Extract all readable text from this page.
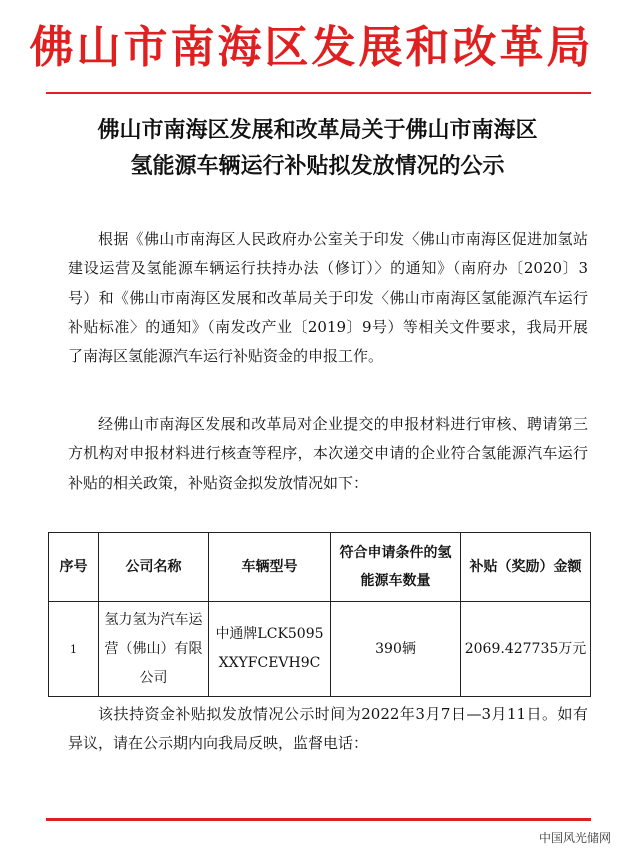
佛山市南海区发展和改革局
佛山市南海区发展和改革局关于佛山市南海区
氢能源车辆运行补贴拟发放情况的公示

根据《佛山市南海区人民政府办公室关于印发〈佛山市南海区促进加氢站建设运营及氢能源车辆运行扶持办法（修订）〉的通知》（南府办〔2020〕3号）和《佛山市南海区发展和改革局关于印发〈佛山市南海区氢能源汽车运行补贴标准〉的通知》（南发改产业〔2019〕9号）等相关文件要求，我局开展了南海区氢能源汽车运行补贴资金的申报工作。

经佛山市南海区发展和改革局对企业提交的申报材料进行审核、聘请第三方机构对申报材料进行核查等程序，本次递交申请的企业符合氢能源汽车运行补贴的相关政策，补贴资金拟发放情况如下：

序号	公司名称	车辆型号	符合申请条件的氢能源车数量	补贴（奖励）金额
1	氢力氢为汽车运营（佛山）有限公司	中通牌LCK5095XXYFCEVH9C	390辆	2069.427735万元

该扶持资金补贴拟发放情况公示时间为2022年3月7日—3月11日。如有异议，请在公示期内向我局反映，监督电话：

中国风光储网
